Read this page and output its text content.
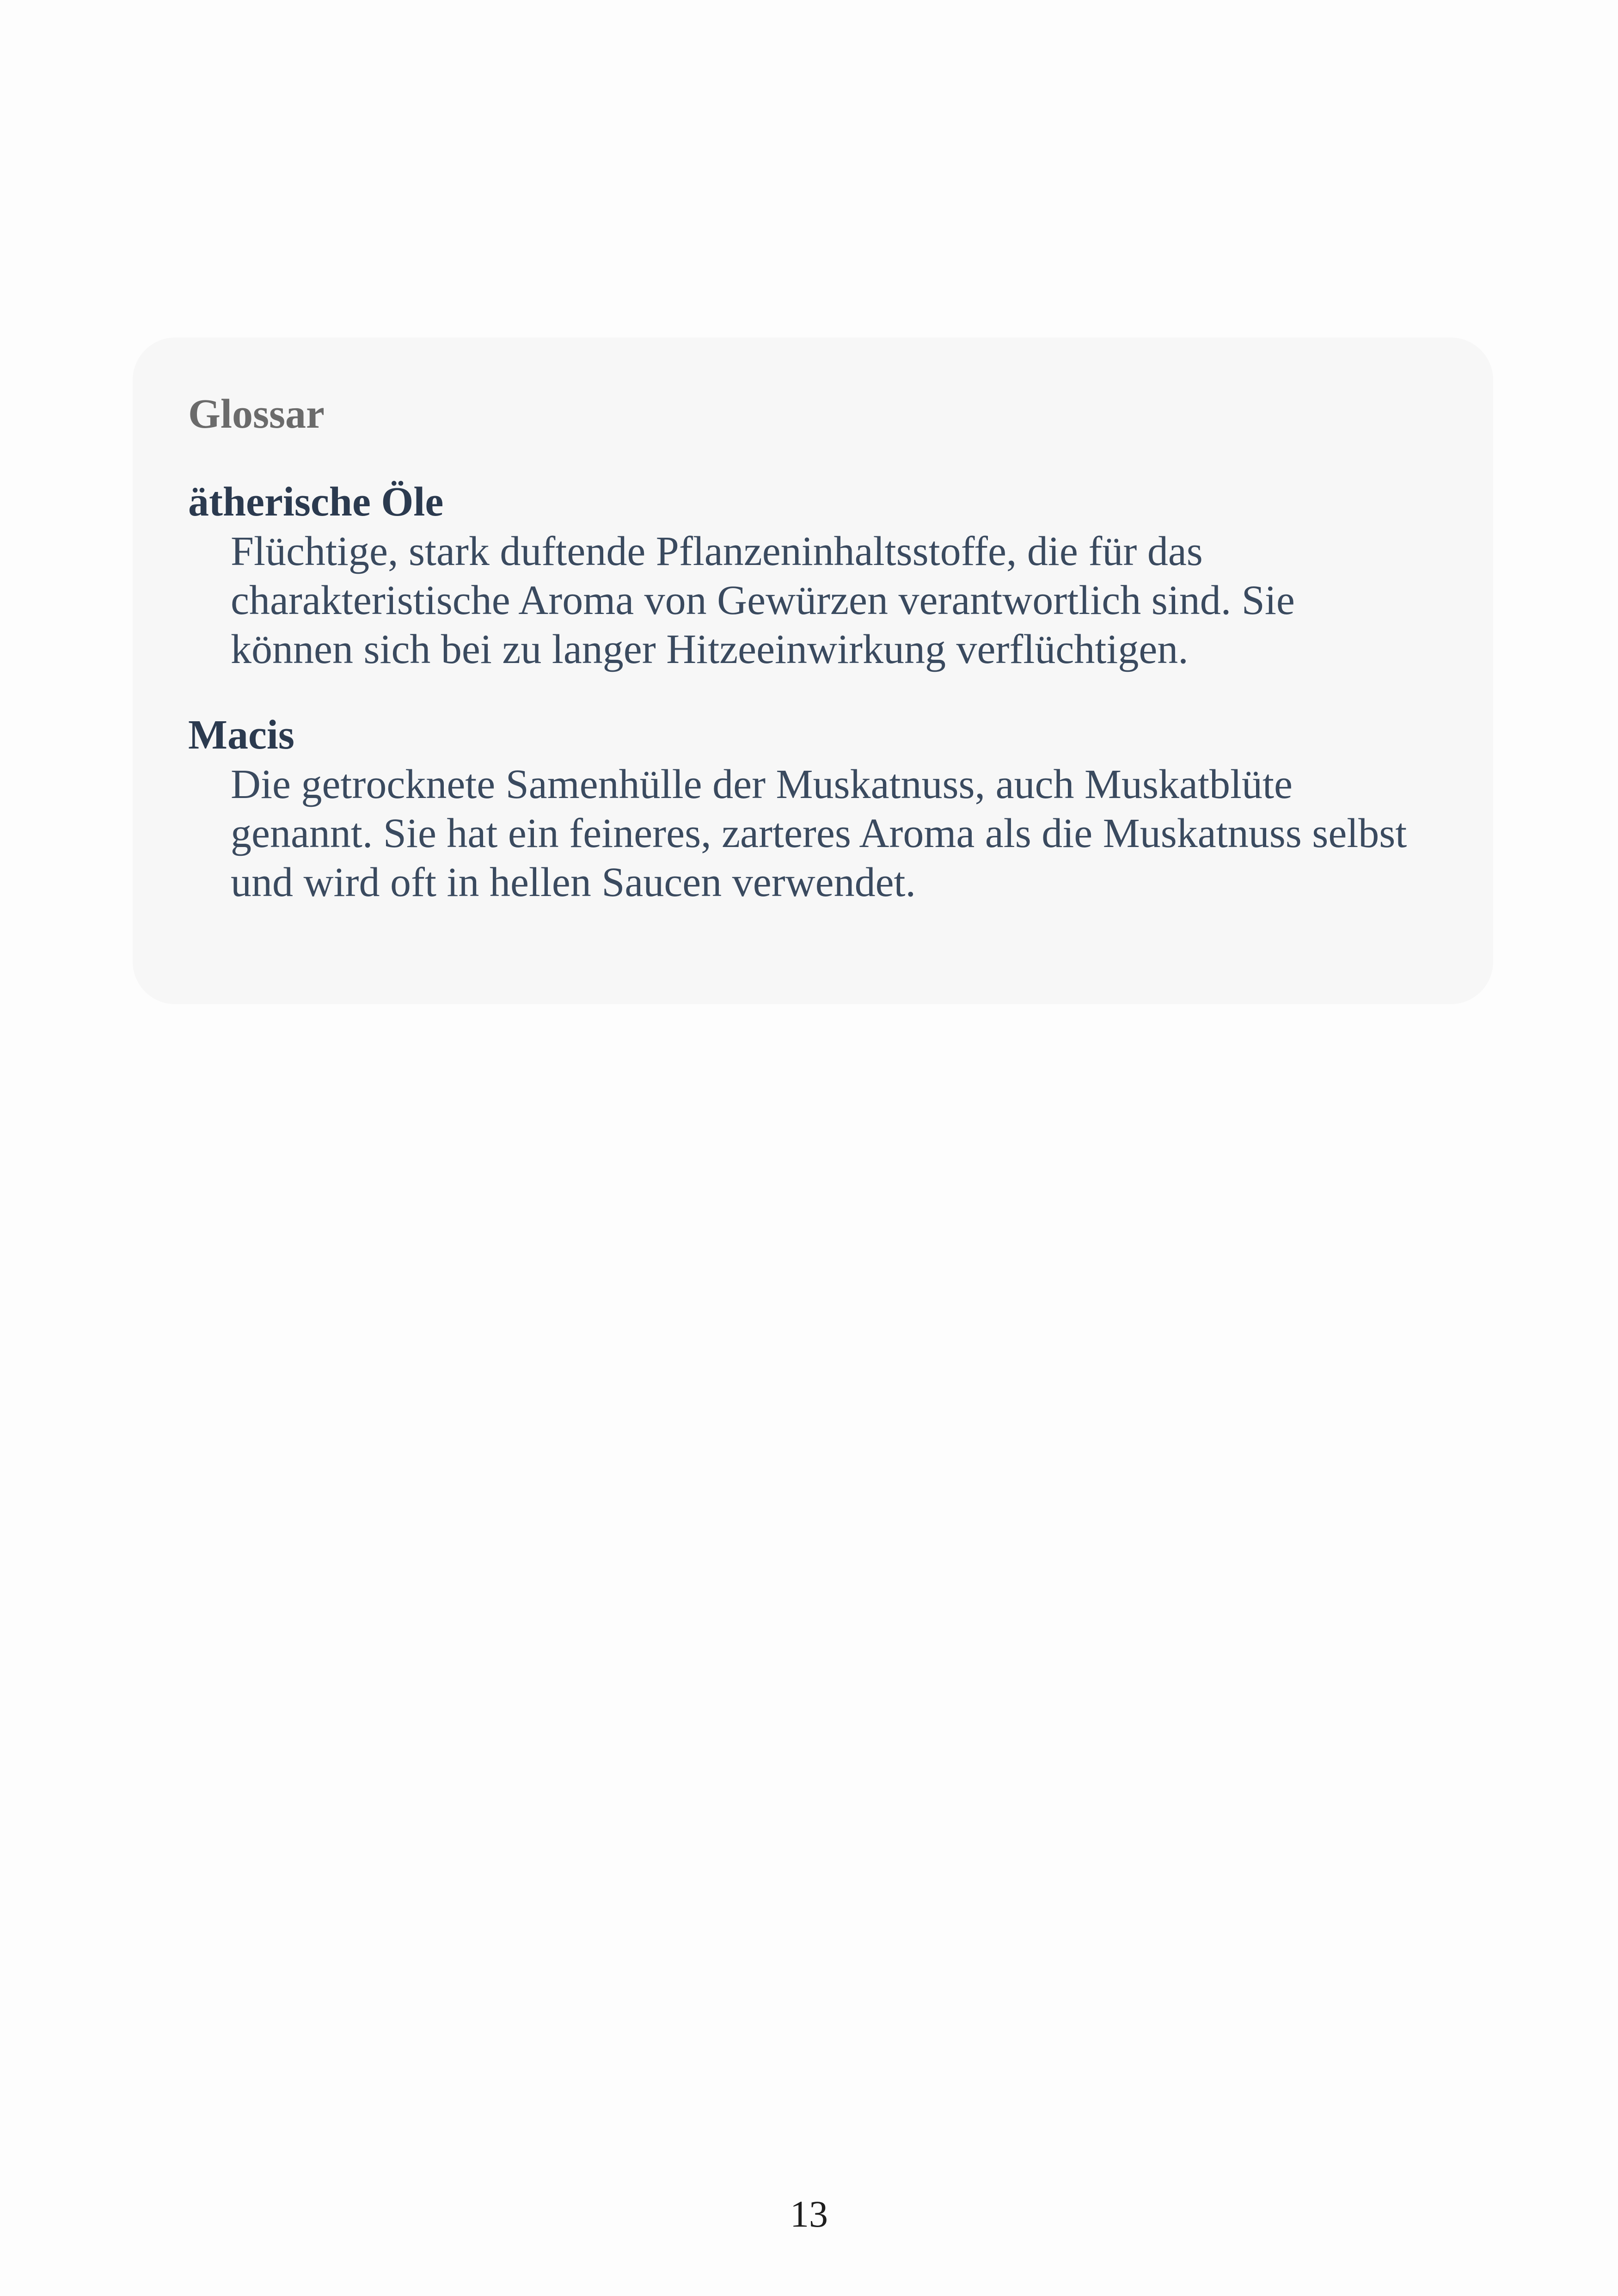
Glossar
ätherische Öle
Flüchtige, stark duftende Pflanzeninhaltsstoffe, die für das charakteristische Aroma von Gewürzen verantwortlich sind. Sie können sich bei zu langer Hitzeeinwirkung verflüchtigen.
Macis
Die getrocknete Samenhülle der Muskatnuss, auch Muskatblüte genannt. Sie hat ein feineres, zarteres Aroma als die Muskatnuss selbst und wird oft in hellen Saucen verwendet.
13
